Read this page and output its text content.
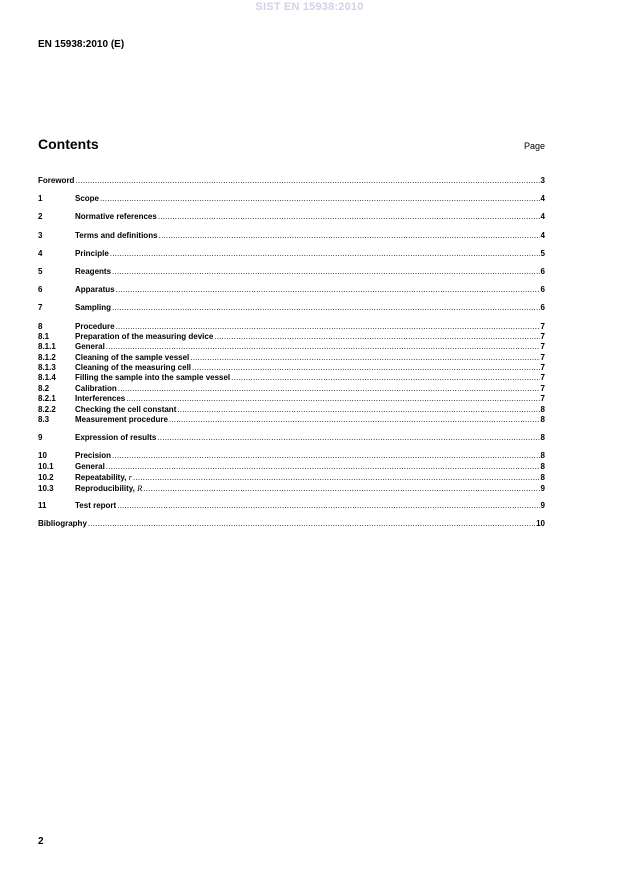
SIST EN 15938:2010
EN 15938:2010 (E)
Contents	Page
Foreword .....	3
1	Scope .....	4
2	Normative references .....	4
3	Terms and definitions .....	4
4	Principle .....	5
5	Reagents .....	6
6	Apparatus .....	6
7	Sampling .....	6
8	Procedure .....	7
8.1	Preparation of the measuring device .....	7
8.1.1	General .....	7
8.1.2	Cleaning of the sample vessel .....	7
8.1.3	Cleaning of the measuring cell .....	7
8.1.4	Filling the sample into the sample vessel .....	7
8.2	Calibration .....	7
8.2.1	Interferences .....	7
8.2.2	Checking the cell constant .....	8
8.3	Measurement procedure .....	8
9	Expression of results .....	8
10	Precision .....	8
10.1	General .....	8
10.2	Repeatability, r .....	8
10.3	Reproducibility, R .....	9
11	Test report .....	9
Bibliography .....	10
2
